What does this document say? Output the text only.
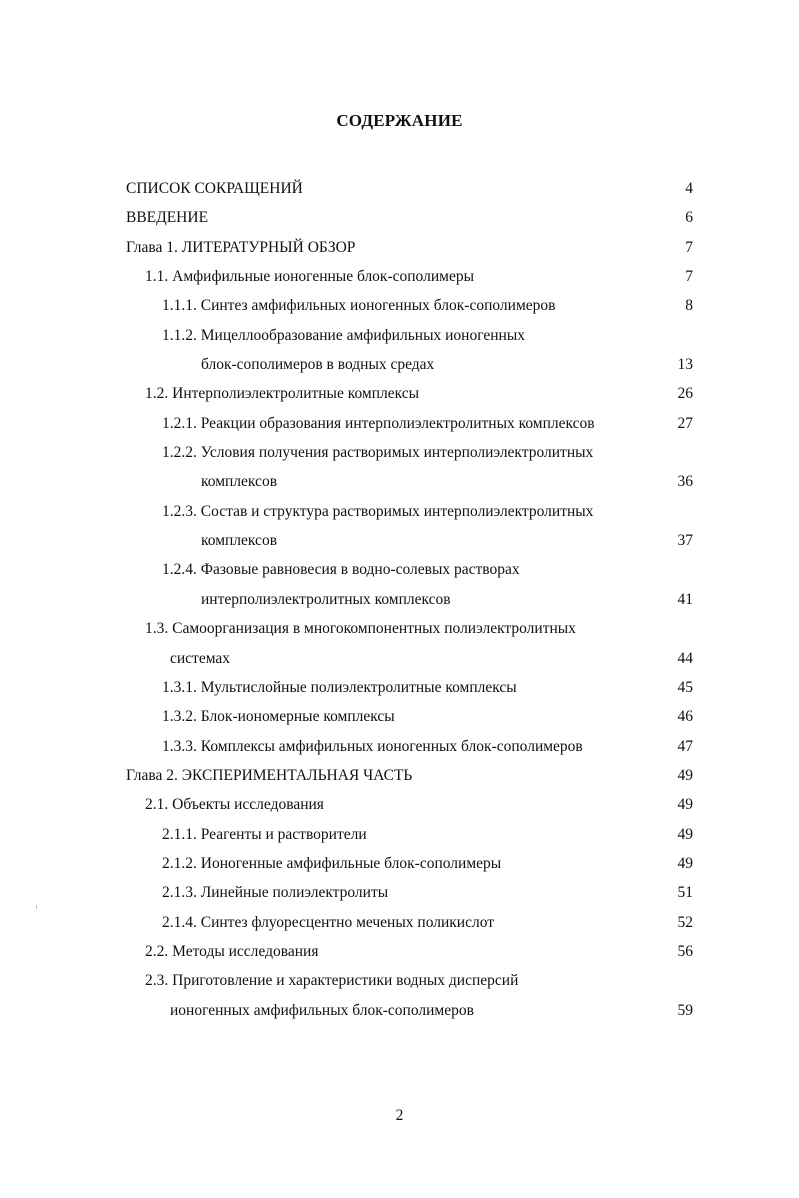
СОДЕРЖАНИЕ
СПИСОК СОКРАЩЕНИЙ	4
ВВЕДЕНИЕ	6
Глава 1. ЛИТЕРАТУРНЫЙ ОБЗОР	7
1.1. Амфифильные ионогенные блок-сополимеры	7
1.1.1. Синтез амфифильных ионогенных блок-сополимеров	8
1.1.2. Мицеллообразование амфифильных ионогенных
блок-сополимеров в водных средах	13
1.2. Интерполиэлектролитные комплексы	26
1.2.1. Реакции образования интерполиэлектролитных комплексов	27
1.2.2. Условия получения растворимых интерполиэлектролитных
комплексов	36
1.2.3. Состав и структура растворимых интерполиэлектролитных
комплексов	37
1.2.4. Фазовые равновесия в водно-солевых растворах
интерполиэлектролитных комплексов	41
1.3. Самоорганизация в многокомпонентных полиэлектролитных
системах	44
1.3.1. Мультислойные полиэлектролитные комплексы	45
1.3.2. Блок-иономерные комплексы	46
1.3.3. Комплексы амфифильных ионогенных блок-сополимеров	47
Глава 2. ЭКСПЕРИМЕНТАЛЬНАЯ ЧАСТЬ	49
2.1. Объекты исследования	49
2.1.1. Реагенты и растворители	49
2.1.2. Ионогенные амфифильные блок-сополимеры	49
2.1.3. Линейные полиэлектролиты	51
2.1.4. Синтез флуоресцентно меченых поликислот	52
2.2. Методы исследования	56
2.3. Приготовление и характеристики водных дисперсий
ионогенных амфифильных блок-сополимеров	59
2
